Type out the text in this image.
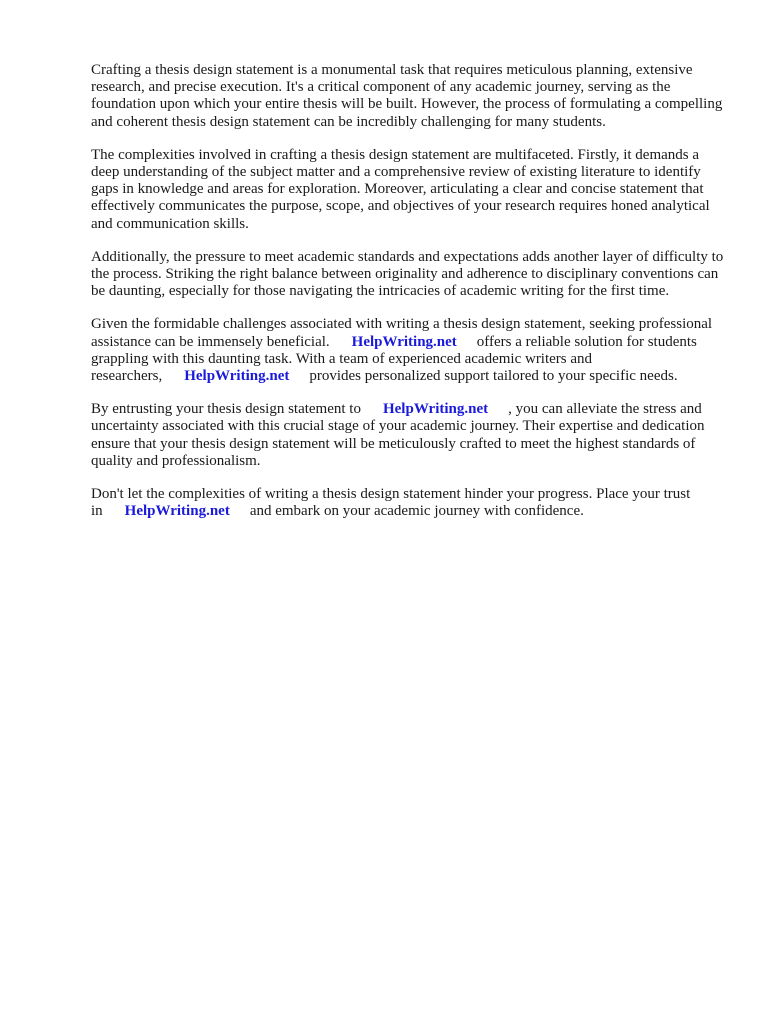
Crafting a thesis design statement is a monumental task that requires meticulous planning, extensive research, and precise execution. It's a critical component of any academic journey, serving as the foundation upon which your entire thesis will be built. However, the process of formulating a compelling and coherent thesis design statement can be incredibly challenging for many students.

The complexities involved in crafting a thesis design statement are multifaceted. Firstly, it demands a deep understanding of the subject matter and a comprehensive review of existing literature to identify gaps in knowledge and areas for exploration. Moreover, articulating a clear and concise statement that effectively communicates the purpose, scope, and objectives of your research requires honed analytical and communication skills.

Additionally, the pressure to meet academic standards and expectations adds another layer of difficulty to the process. Striking the right balance between originality and adherence to disciplinary conventions can be daunting, especially for those navigating the intricacies of academic writing for the first time.

Given the formidable challenges associated with writing a thesis design statement, seeking professional assistance can be immensely beneficial. HelpWriting.net offers a reliable solution for students grappling with this daunting task. With a team of experienced academic writers and researchers, HelpWriting.net provides personalized support tailored to your specific needs.

By entrusting your thesis design statement to HelpWriting.net , you can alleviate the stress and uncertainty associated with this crucial stage of your academic journey. Their expertise and dedication ensure that your thesis design statement will be meticulously crafted to meet the highest standards of quality and professionalism.

Don't let the complexities of writing a thesis design statement hinder your progress. Place your trust in HelpWriting.net and embark on your academic journey with confidence.
